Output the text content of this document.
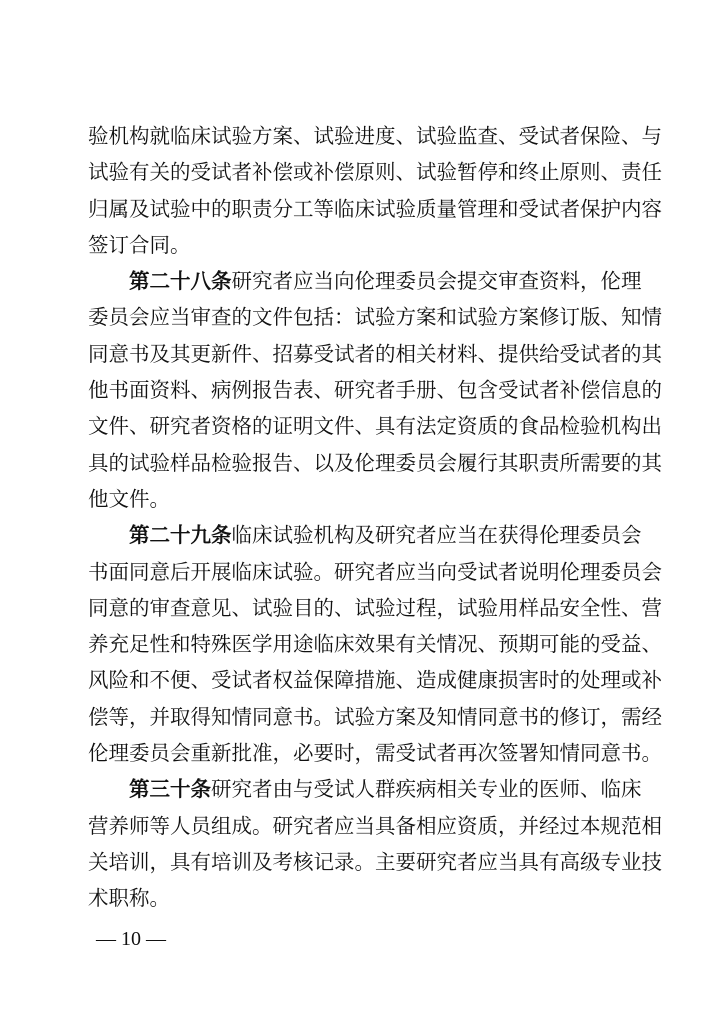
验机构就临床试验方案、试验进度、试验监查、受试者保险、与
试验有关的受试者补偿或补偿原则、试验暂停和终止原则、责任
归属及试验中的职责分工等临床试验质量管理和受试者保护内容
签订合同。
第二十八条研究者应当向伦理委员会提交审查资料，伦理
委员会应当审查的文件包括：试验方案和试验方案修订版、知情
同意书及其更新件、招募受试者的相关材料、提供给受试者的其
他书面资料、病例报告表、研究者手册、包含受试者补偿信息的
文件、研究者资格的证明文件、具有法定资质的食品检验机构出
具的试验样品检验报告、以及伦理委员会履行其职责所需要的其
他文件。
第二十九条临床试验机构及研究者应当在获得伦理委员会
书面同意后开展临床试验。研究者应当向受试者说明伦理委员会
同意的审查意见、试验目的、试验过程，试验用样品安全性、营
养充足性和特殊医学用途临床效果有关情况、预期可能的受益、
风险和不便、受试者权益保障措施、造成健康损害时的处理或补
偿等，并取得知情同意书。试验方案及知情同意书的修订，需经
伦理委员会重新批准，必要时，需受试者再次签署知情同意书。
第三十条研究者由与受试人群疾病相关专业的医师、临床
营养师等人员组成。研究者应当具备相应资质，并经过本规范相
关培训，具有培训及考核记录。主要研究者应当具有高级专业技
术职称。
— 10 —
